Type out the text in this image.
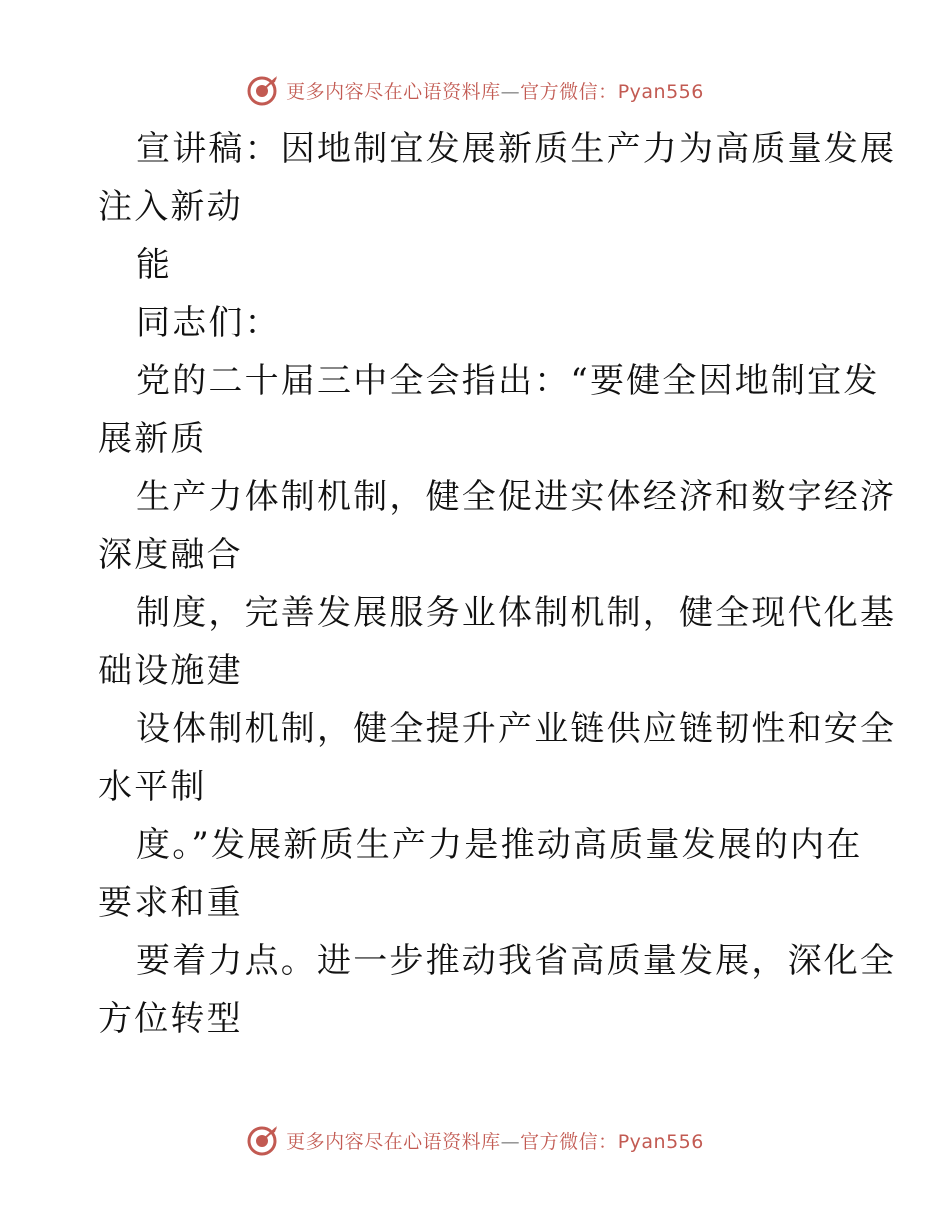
更多内容尽在心语资料库—官方微信：Pyan556
宣讲稿：因地制宜发展新质生产力为高质量发展
注入新动
能
同志们：
党的二十届三中全会指出：“要健全因地制宜发
展新质
生产力体制机制，健全促进实体经济和数字经济
深度融合
制度，完善发展服务业体制机制，健全现代化基
础设施建
设体制机制，健全提升产业链供应链韧性和安全
水平制
度。”发展新质生产力是推动高质量发展的内在
要求和重
要着力点。进一步推动我省高质量发展，深化全
方位转型
更多内容尽在心语资料库—官方微信：Pyan556
